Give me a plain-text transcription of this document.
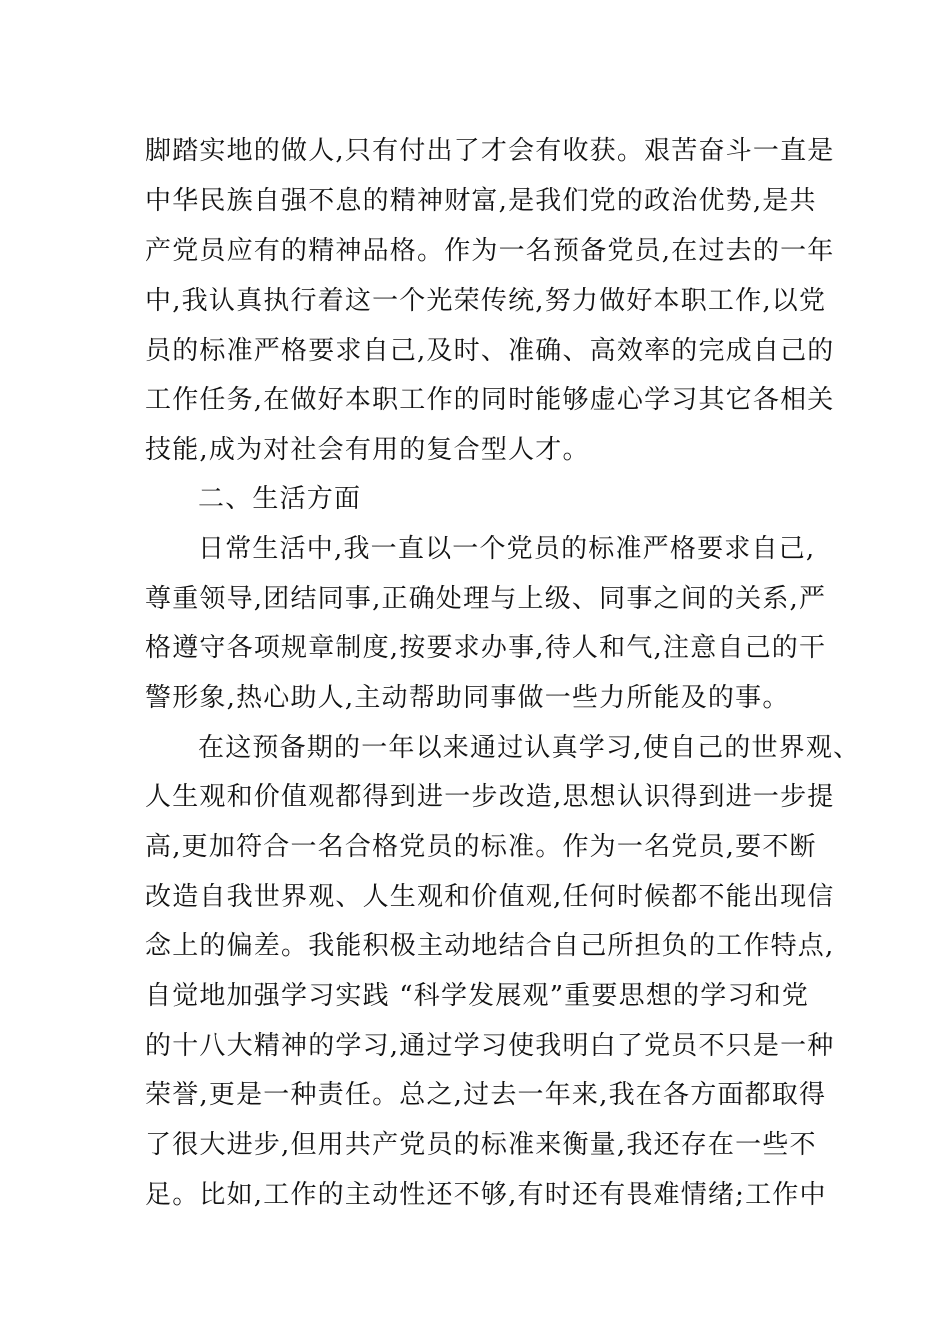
脚踏实地的做人,只有付出了才会有收获。艰苦奋斗一直是
中华民族自强不息的精神财富,是我们党的政治优势,是共
产党员应有的精神品格。作为一名预备党员,在过去的一年
中,我认真执行着这一个光荣传统,努力做好本职工作,以党
员的标准严格要求自己,及时、准确、高效率的完成自己的
工作任务,在做好本职工作的同时能够虚心学习其它各相关
技能,成为对社会有用的复合型人才。
二、生活方面
日常生活中,我一直以一个党员的标准严格要求自己,
尊重领导,团结同事,正确处理与上级、同事之间的关系,严
格遵守各项规章制度,按要求办事,待人和气,注意自己的干
警形象,热心助人,主动帮助同事做一些力所能及的事。
在这预备期的一年以来通过认真学习,使自己的世界观、
人生观和价值观都得到进一步改造,思想认识得到进一步提
高,更加符合一名合格党员的标准。作为一名党员,要不断
改造自我世界观、人生观和价值观,任何时候都不能出现信
念上的偏差。我能积极主动地结合自己所担负的工作特点,
自觉地加强学习实践 “科学发展观”重要思想的学习和党
的十八大精神的学习,通过学习使我明白了党员不只是一种
荣誉,更是一种责任。总之,过去一年来,我在各方面都取得
了很大进步,但用共产党员的标准来衡量,我还存在一些不
足。比如,工作的主动性还不够,有时还有畏难情绪;工作中
